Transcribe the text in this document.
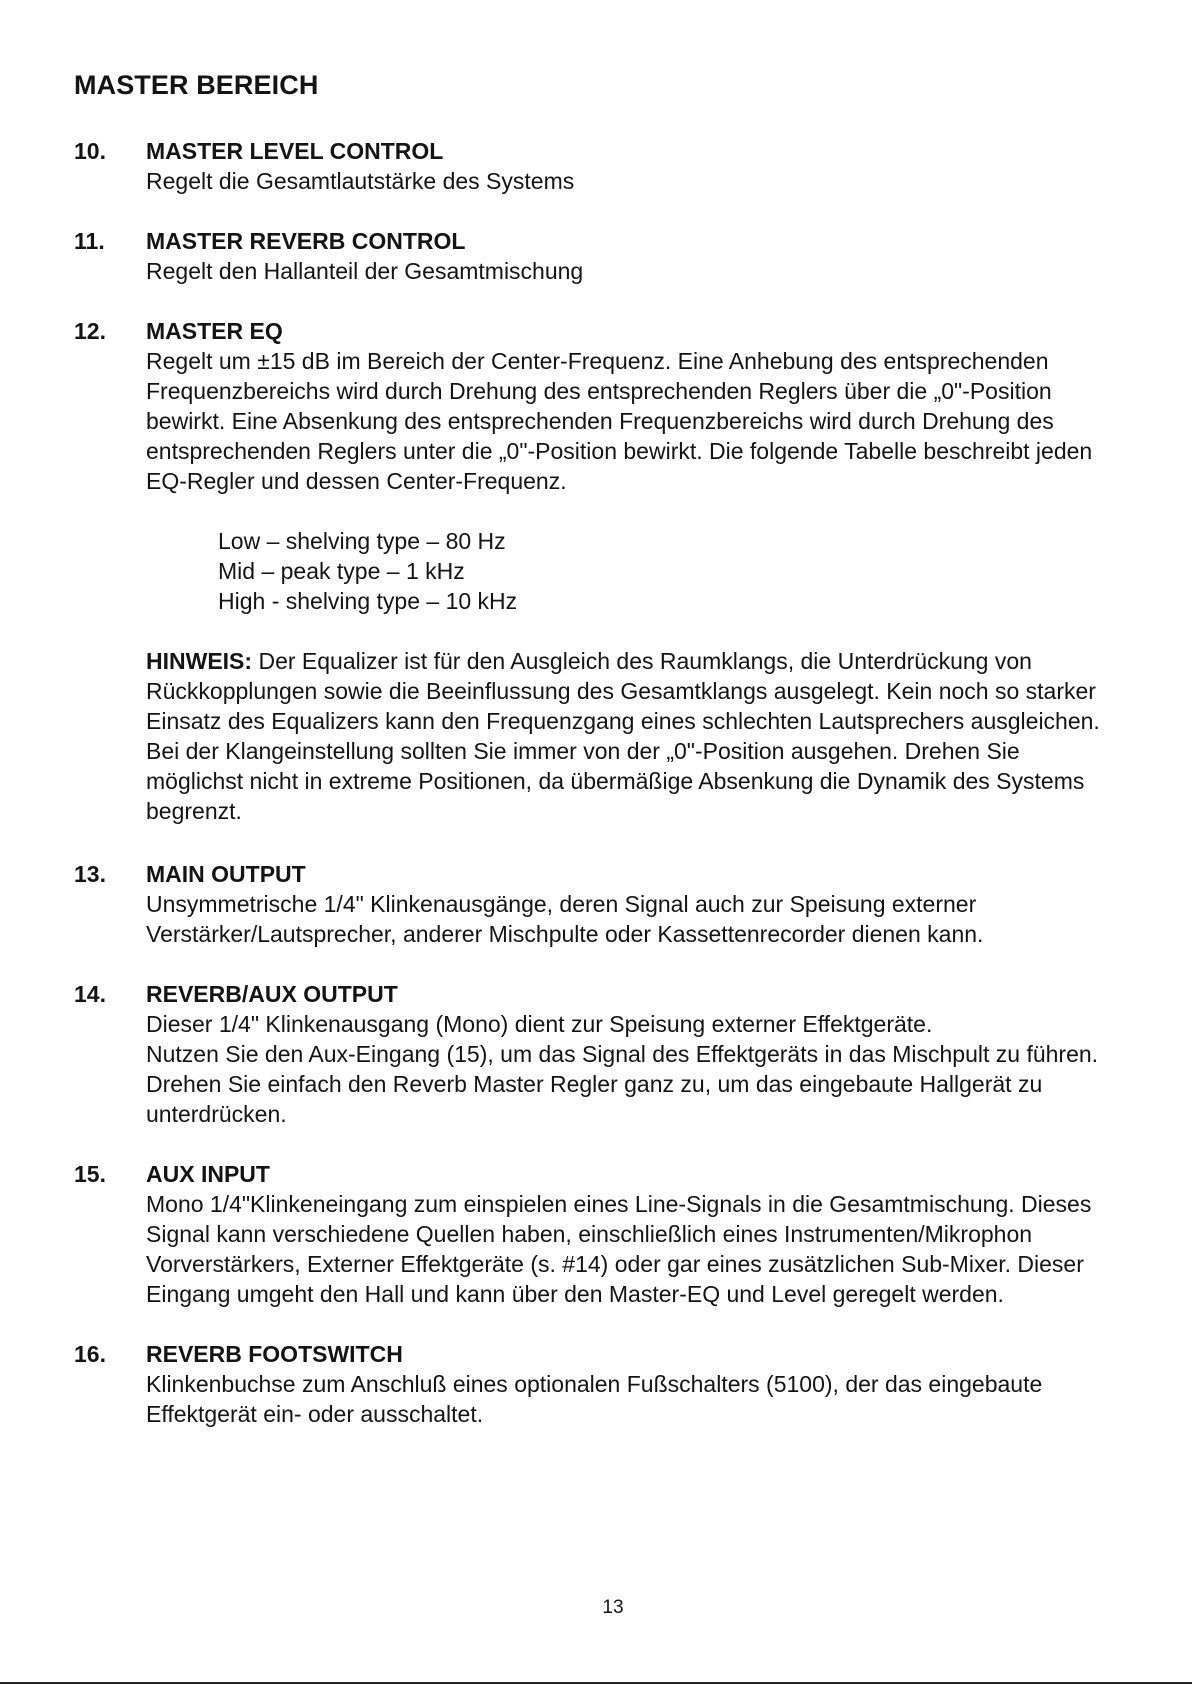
MASTER BEREICH
10. MASTER LEVEL CONTROL

Regelt die Gesamtlautstärke des Systems

11. MASTER REVERB CONTROL

Regelt den Hallanteil der Gesamtmischung

12. MASTER EQ

Regelt um ±15 dB im Bereich der Center-Frequenz. Eine Anhebung des entsprechenden

Frequenzbereichs wird durch Drehung des entsprechenden Reglers über die „0"-Position

bewirkt. Eine Absenkung des entsprechenden Frequenzbereichs wird durch Drehung des

entsprechenden Reglers unter die „0"-Position bewirkt. Die folgende Tabelle beschreibt jeden

EQ-Regler und dessen Center-Frequenz.

Low – shelving type – 80 Hz
Mid – peak type – 1 kHz
High - shelving type – 10 kHz
HINWEIS: Der Equalizer ist für den Ausgleich des Raumklangs, die Unterdrückung von
Rückkopplungen sowie die Beeinflussung des Gesamtklangs ausgelegt. Kein noch so starker
Einsatz des Equalizers kann den Frequenzgang eines schlechten Lautsprechers ausgleichen.
Bei der Klangeinstellung sollten Sie immer von der „0"-Position ausgehen. Drehen Sie
möglichst nicht in extreme Positionen, da übermäßige Absenkung die Dynamik des Systems
begrenzt.
13. MAIN OUTPUT

Unsymmetrische 1/4" Klinkenausgänge, deren Signal auch zur Speisung externer

Verstärker/Lautsprecher, anderer Mischpulte oder Kassettenrecorder dienen kann.

14. REVERB/AUX OUTPUT

Dieser 1/4" Klinkenausgang (Mono) dient zur Speisung externer Effektgeräte.

Nutzen Sie den Aux-Eingang (15), um das Signal des Effektgeräts in das Mischpult zu führen.

Drehen Sie einfach den Reverb Master Regler ganz zu, um das eingebaute Hallgerät zu

unterdrücken.

15. AUX INPUT

Mono 1/4"Klinkeneingang zum einspielen eines Line-Signals in die Gesamtmischung. Dieses

Signal kann verschiedene Quellen haben, einschließlich eines Instrumenten/Mikrophon

Vorverstärkers, Externer Effektgeräte (s. #14) oder gar eines zusätzlichen Sub-Mixer. Dieser

Eingang umgeht den Hall und kann über den Master-EQ und Level geregelt werden.

16. REVERB FOOTSWITCH

Klinkenbuchse zum Anschluß eines optionalen Fußschalters (5100), der das eingebaute

Effektgerät ein- oder ausschaltet.

13
